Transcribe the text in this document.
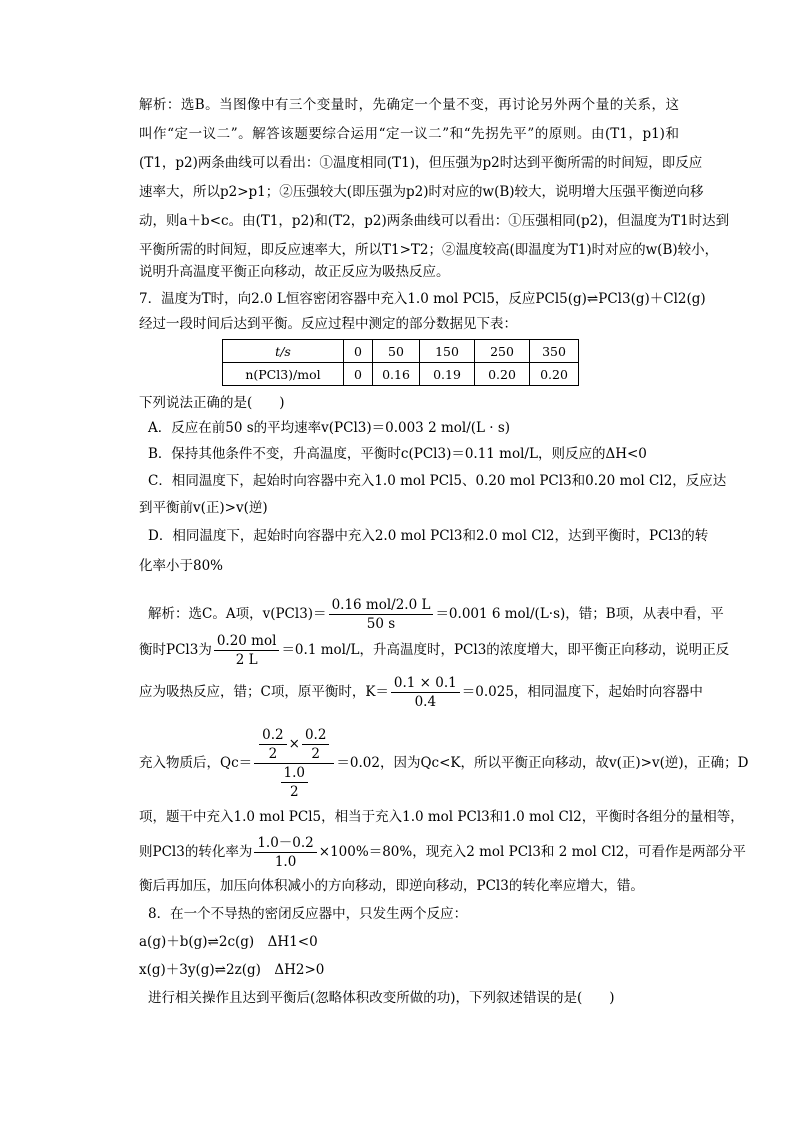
解析：选B。当图像中有三个变量时，先确定一个量不变，再讨论另外两个量的关系，这
叫作“定一议二”。解答该题要综合运用“定一议二”和“先拐先平”的原则。由(T1，p1)和
(T1，p2)两条曲线可以看出：①温度相同(T1)，但压强为p2时达到平衡所需的时间短，即反应
速率大，所以p2>p1；②压强较大(即压强为p2)时对应的w(B)较大，说明增大压强平衡逆向移
动，则a＋b<c。由(T1，p2)和(T2，p2)两条曲线可以看出：①压强相同(p2)，但温度为T1时达到
平衡所需的时间短，即反应速率大，所以T1>T2；②温度较高(即温度为T1)时对应的w(B)较小，
说明升高温度平衡正向移动，故正反应为吸热反应。
7．温度为T时，向2.0 L恒容密闭容器中充入1.0 mol PCl5，反应PCl5(g)⇌PCl3(g)＋Cl2(g)
经过一段时间后达到平衡。反应过程中测定的部分数据见下表：
t/s	0	50	150	250	350
n(PCl3)/mol	0	0.16	0.19	0.20	0.20
下列说法正确的是(　　)
A．反应在前50 s的平均速率v(PCl3)＝0.003 2 mol/(L · s)
B．保持其他条件不变，升高温度，平衡时c(PCl3)＝0.11 mol/L，则反应的ΔH<0
C．相同温度下，起始时向容器中充入1.0 mol PCl5、0.20 mol PCl3和0.20 mol Cl2，反应达
到平衡前v(正)>v(逆)
D．相同温度下，起始时向容器中充入2.0 mol PCl3和2.0 mol Cl2，达到平衡时，PCl3的转
化率小于80%
解析：选C。A项，$v(PCl3)= \frac{\text{0.16 mol/2.0 L}}{50 s} =0.001$ 6 mol/(L·s)，错；B项，从表中看，平
衡时PCl3为 $\frac{\text{0.20 mol}}{2 L} =0.1$ mol/L，升高温度时，PCl3的浓度增大，即平衡正向移动，说明正反
应为吸热反应，错；C项，原平衡时，$K= \frac{0.1 \times 0.1}{0.4} =0.025$，相同温度下，起始时向容器中
充入物质后，$Qc= \frac{\frac{0.2}{2} \times \frac{0.2}{2}}{\frac{1.0}{2}} =0.02$，因为Qc<K，所以平衡正向移动，故v(正)>v(逆)，正确；D
项，题干中充入1.0 mol PCl5，相当于充入1.0 mol PCl3和1.0 mol Cl2，平衡时各组分的量相等，
则PCl3的转化率为 $\frac{1.0-0.2}{1.0} \times 100\%=80\%$，现充入2 mol PCl3和 2 mol Cl2，可看作是两部分平
衡后再加压，加压向体积减小的方向移动，即逆向移动，PCl3的转化率应增大，错。
8．在一个不导热的密闭反应器中，只发生两个反应：
a(g)＋b(g)⇌2c(g)　ΔH1<0
x(g)＋3y(g)⇌2z(g)　ΔH2>0
进行相关操作且达到平衡后(忽略体积改变所做的功)，下列叙述错误的是(　　)
